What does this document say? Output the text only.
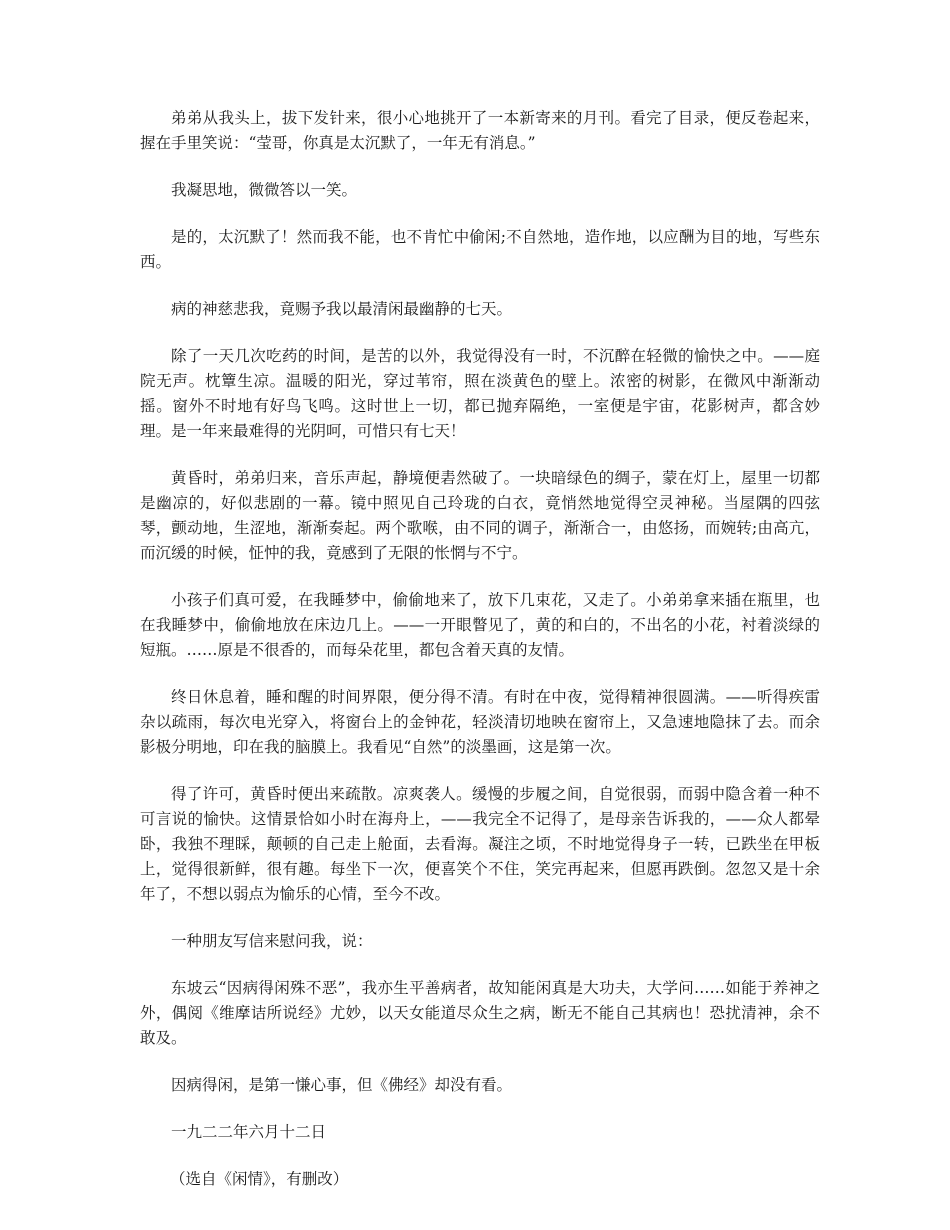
弟弟从我头上，拔下发针来，很小心地挑开了一本新寄来的月刊。看完了目录，便反卷起来，握在手里笑说：“莹哥，你真是太沉默了，一年无有消息。”

我凝思地，微微答以一笑。

是的，太沉默了！然而我不能，也不肯忙中偷闲;不自然地，造作地，以应酬为目的地，写些东西。

病的神慈悲我，竟赐予我以最清闲最幽静的七天。

除了一天几次吃药的时间，是苦的以外，我觉得没有一时，不沉醉在轻微的愉快之中。——庭院无声。枕簟生凉。温暖的阳光，穿过苇帘，照在淡黄色的壁上。浓密的树影，在微风中渐渐动摇。窗外不时地有好鸟飞鸣。这时世上一切，都已抛弃隔绝，一室便是宇宙，花影树声，都含妙理。是一年来最难得的光阴呵，可惜只有七天！

黄昏时，弟弟归来，音乐声起，静境便砉然破了。一块暗绿色的绸子，蒙在灯上，屋里一切都是幽凉的，好似悲剧的一幕。镜中照见自己玲珑的白衣，竟悄然地觉得空灵神秘。当屋隅的四弦琴，颤动地，生涩地，渐渐奏起。两个歌喉，由不同的调子，渐渐合一，由悠扬，而婉转;由高亢，而沉缓的时候，怔忡的我，竟感到了无限的怅惘与不宁。

小孩子们真可爱，在我睡梦中，偷偷地来了，放下几束花，又走了。小弟弟拿来插在瓶里，也在我睡梦中，偷偷地放在床边几上。——一开眼瞥见了，黄的和白的，不出名的小花，衬着淡绿的短瓶。……原是不很香的，而每朵花里，都包含着天真的友情。

终日休息着，睡和醒的时间界限，便分得不清。有时在中夜，觉得精神很圆满。——听得疾雷杂以疏雨，每次电光穿入，将窗台上的金钟花，轻淡清切地映在窗帘上，又急速地隐抹了去。而余影极分明地，印在我的脑膜上。我看见“自然”的淡墨画，这是第一次。

得了许可，黄昏时便出来疏散。凉爽袭人。缓慢的步履之间，自觉很弱，而弱中隐含着一种不可言说的愉快。这情景恰如小时在海舟上，——我完全不记得了，是母亲告诉我的，——众人都晕卧，我独不理睬，颠顿的自己走上舱面，去看海。凝注之顷，不时地觉得身子一转，已跌坐在甲板上，觉得很新鲜，很有趣。每坐下一次，便喜笑个不住，笑完再起来，但愿再跌倒。忽忽又是十余年了，不想以弱点为愉乐的心情，至今不改。

一种朋友写信来慰问我，说：

东坡云“因病得闲殊不恶”，我亦生平善病者，故知能闲真是大功夫，大学问……如能于养神之外，偶阅《维摩诘所说经》尤妙，以天女能道尽众生之病，断无不能自己其病也！恐扰清神，余不敢及。

因病得闲，是第一慊心事，但《佛经》却没有看。

一九二二年六月十二日

（选自《闲情》，有删改）
